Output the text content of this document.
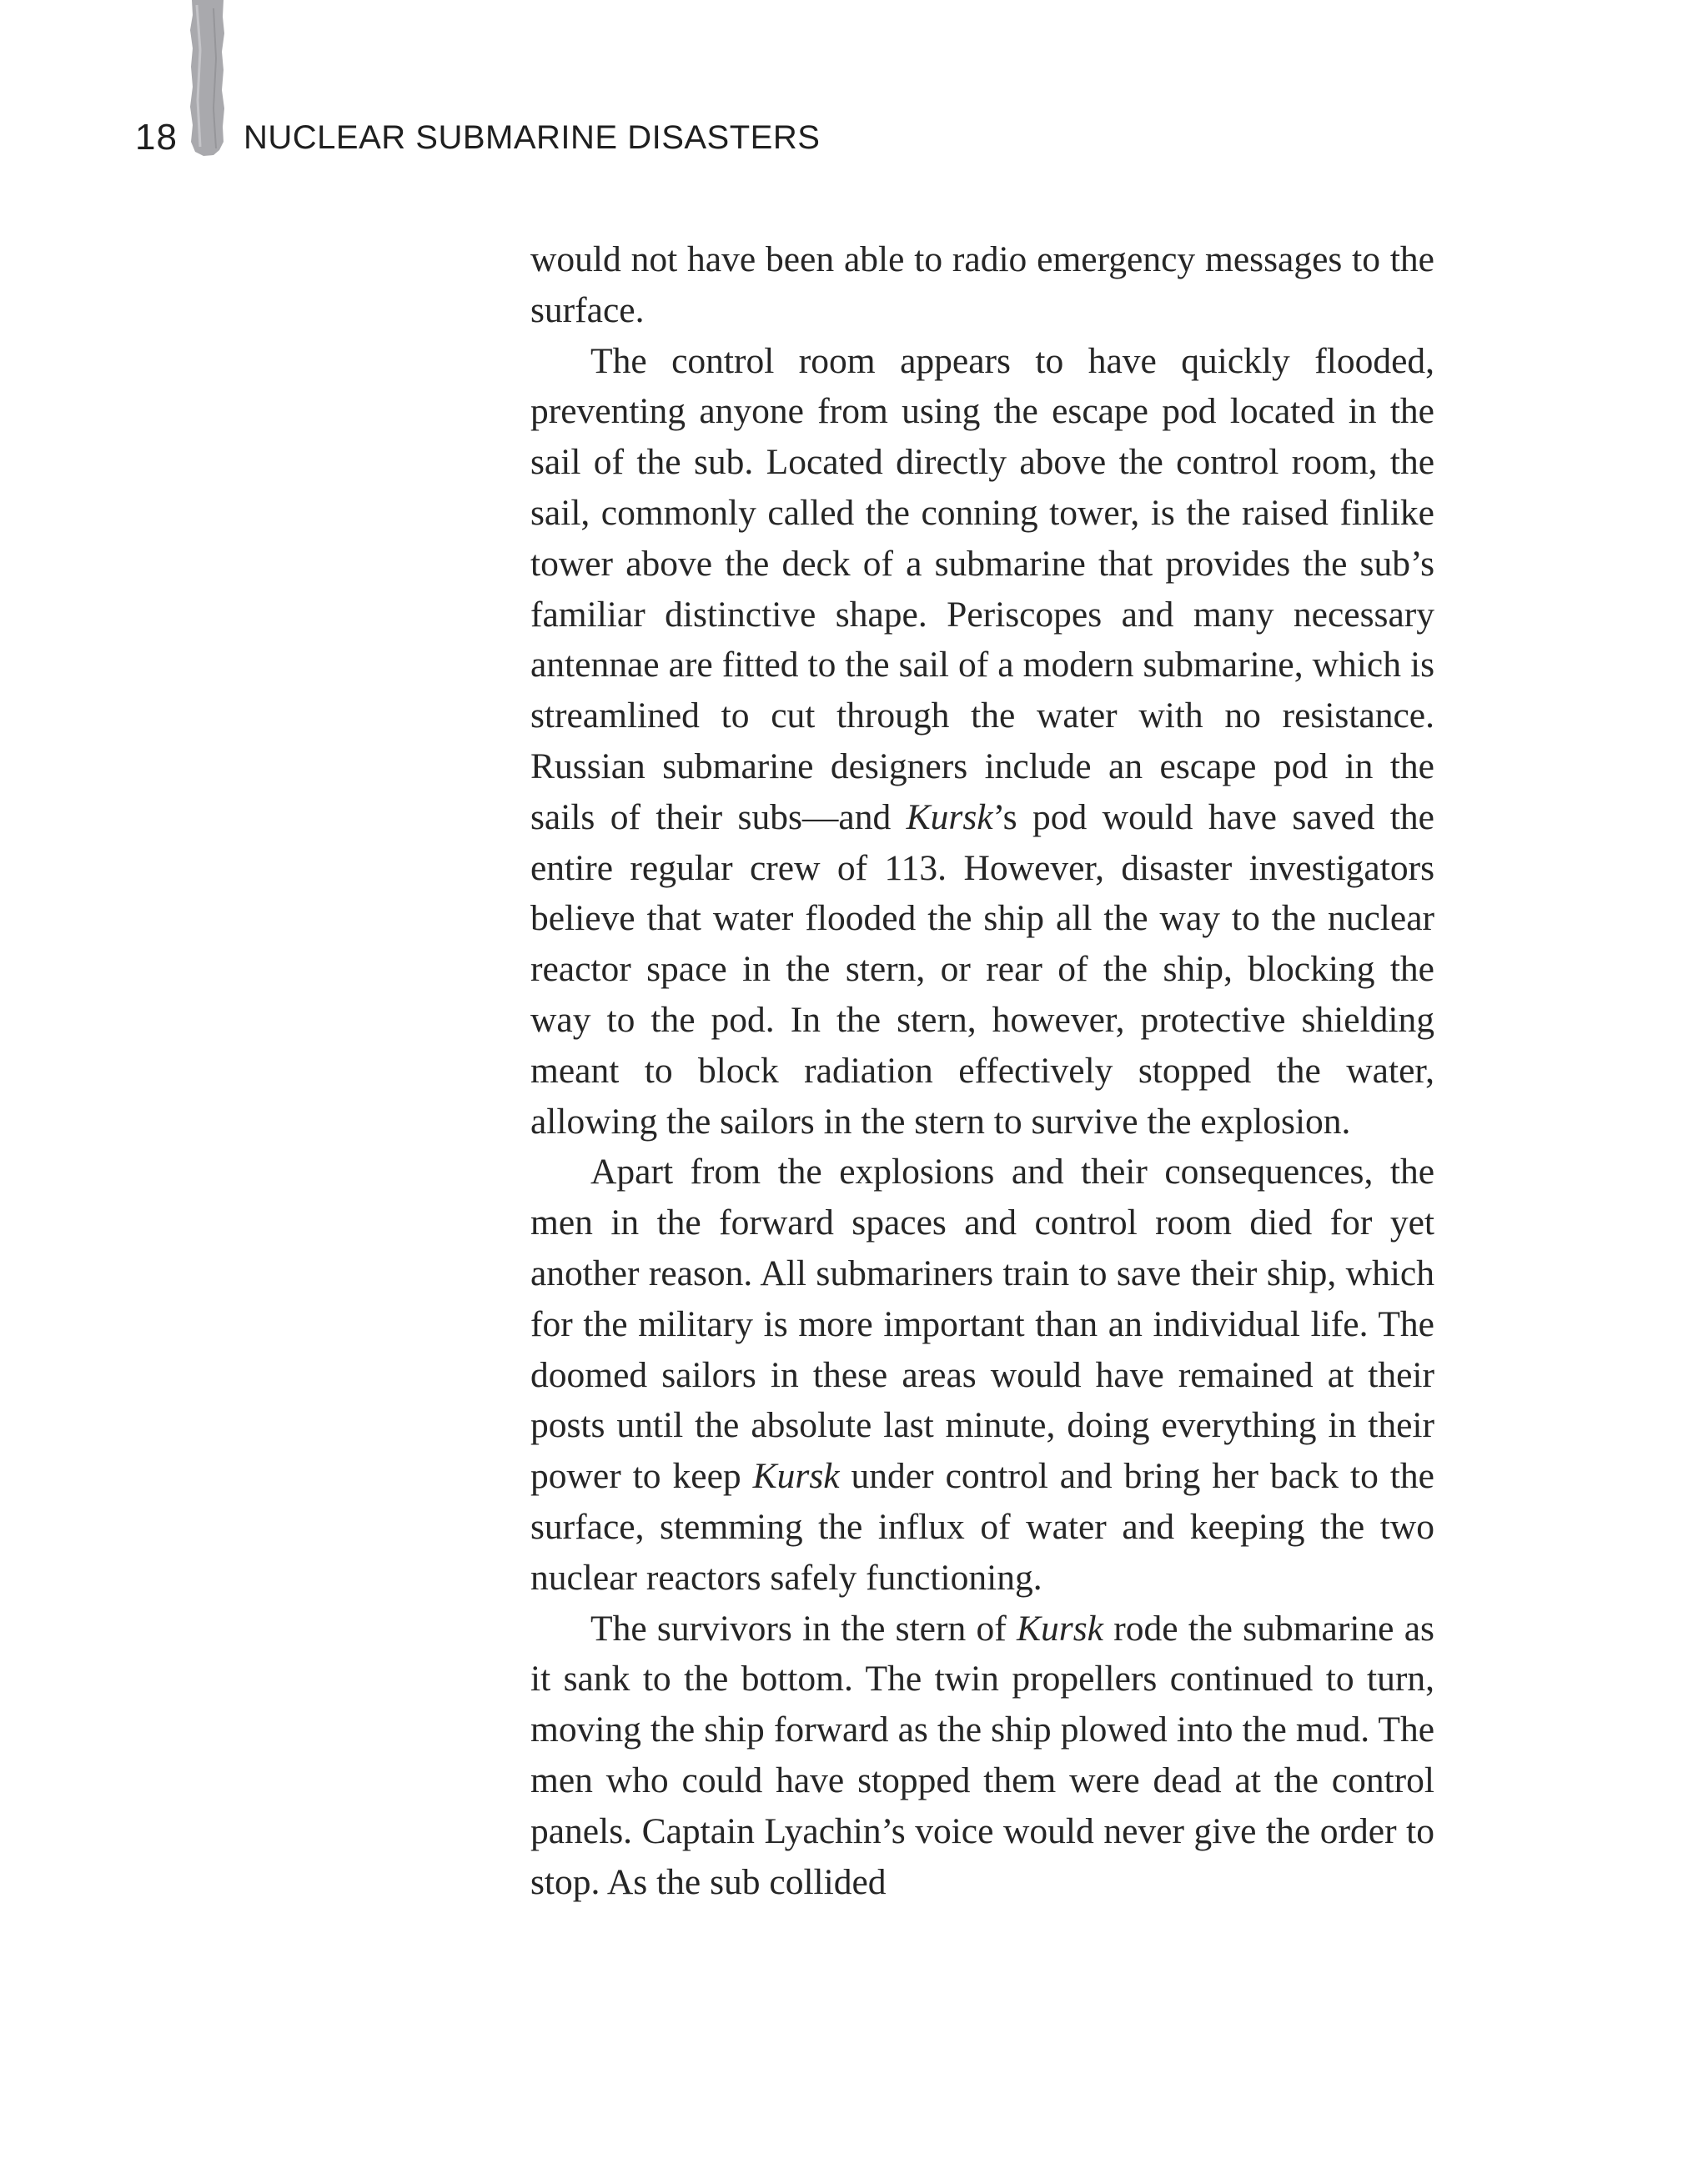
18 NUCLEAR SUBMARINE DISASTERS

would not have been able to radio emergency messages to the surface.

The control room appears to have quickly flooded, preventing anyone from using the escape pod located in the sail of the sub. Located directly above the control room, the sail, commonly called the conning tower, is the raised finlike tower above the deck of a submarine that provides the sub’s familiar distinctive shape. Periscopes and many necessary antennae are fitted to the sail of a modern submarine, which is streamlined to cut through the water with no resistance. Russian submarine designers include an escape pod in the sails of their subs—and Kursk’s pod would have saved the entire regular crew of 113. However, disaster investigators believe that water flooded the ship all the way to the nuclear reactor space in the stern, or rear of the ship, blocking the way to the pod. In the stern, however, protective shielding meant to block radiation effectively stopped the water, allowing the sailors in the stern to survive the explosion.

Apart from the explosions and their consequences, the men in the forward spaces and control room died for yet another reason. All submariners train to save their ship, which for the military is more important than an individual life. The doomed sailors in these areas would have remained at their posts until the absolute last minute, doing everything in their power to keep Kursk under control and bring her back to the surface, stemming the influx of water and keeping the two nuclear reactors safely functioning.

The survivors in the stern of Kursk rode the submarine as it sank to the bottom. The twin propellers continued to turn, moving the ship forward as the ship plowed into the mud. The men who could have stopped them were dead at the control panels. Captain Lyachin’s voice would never give the order to stop. As the sub collided
